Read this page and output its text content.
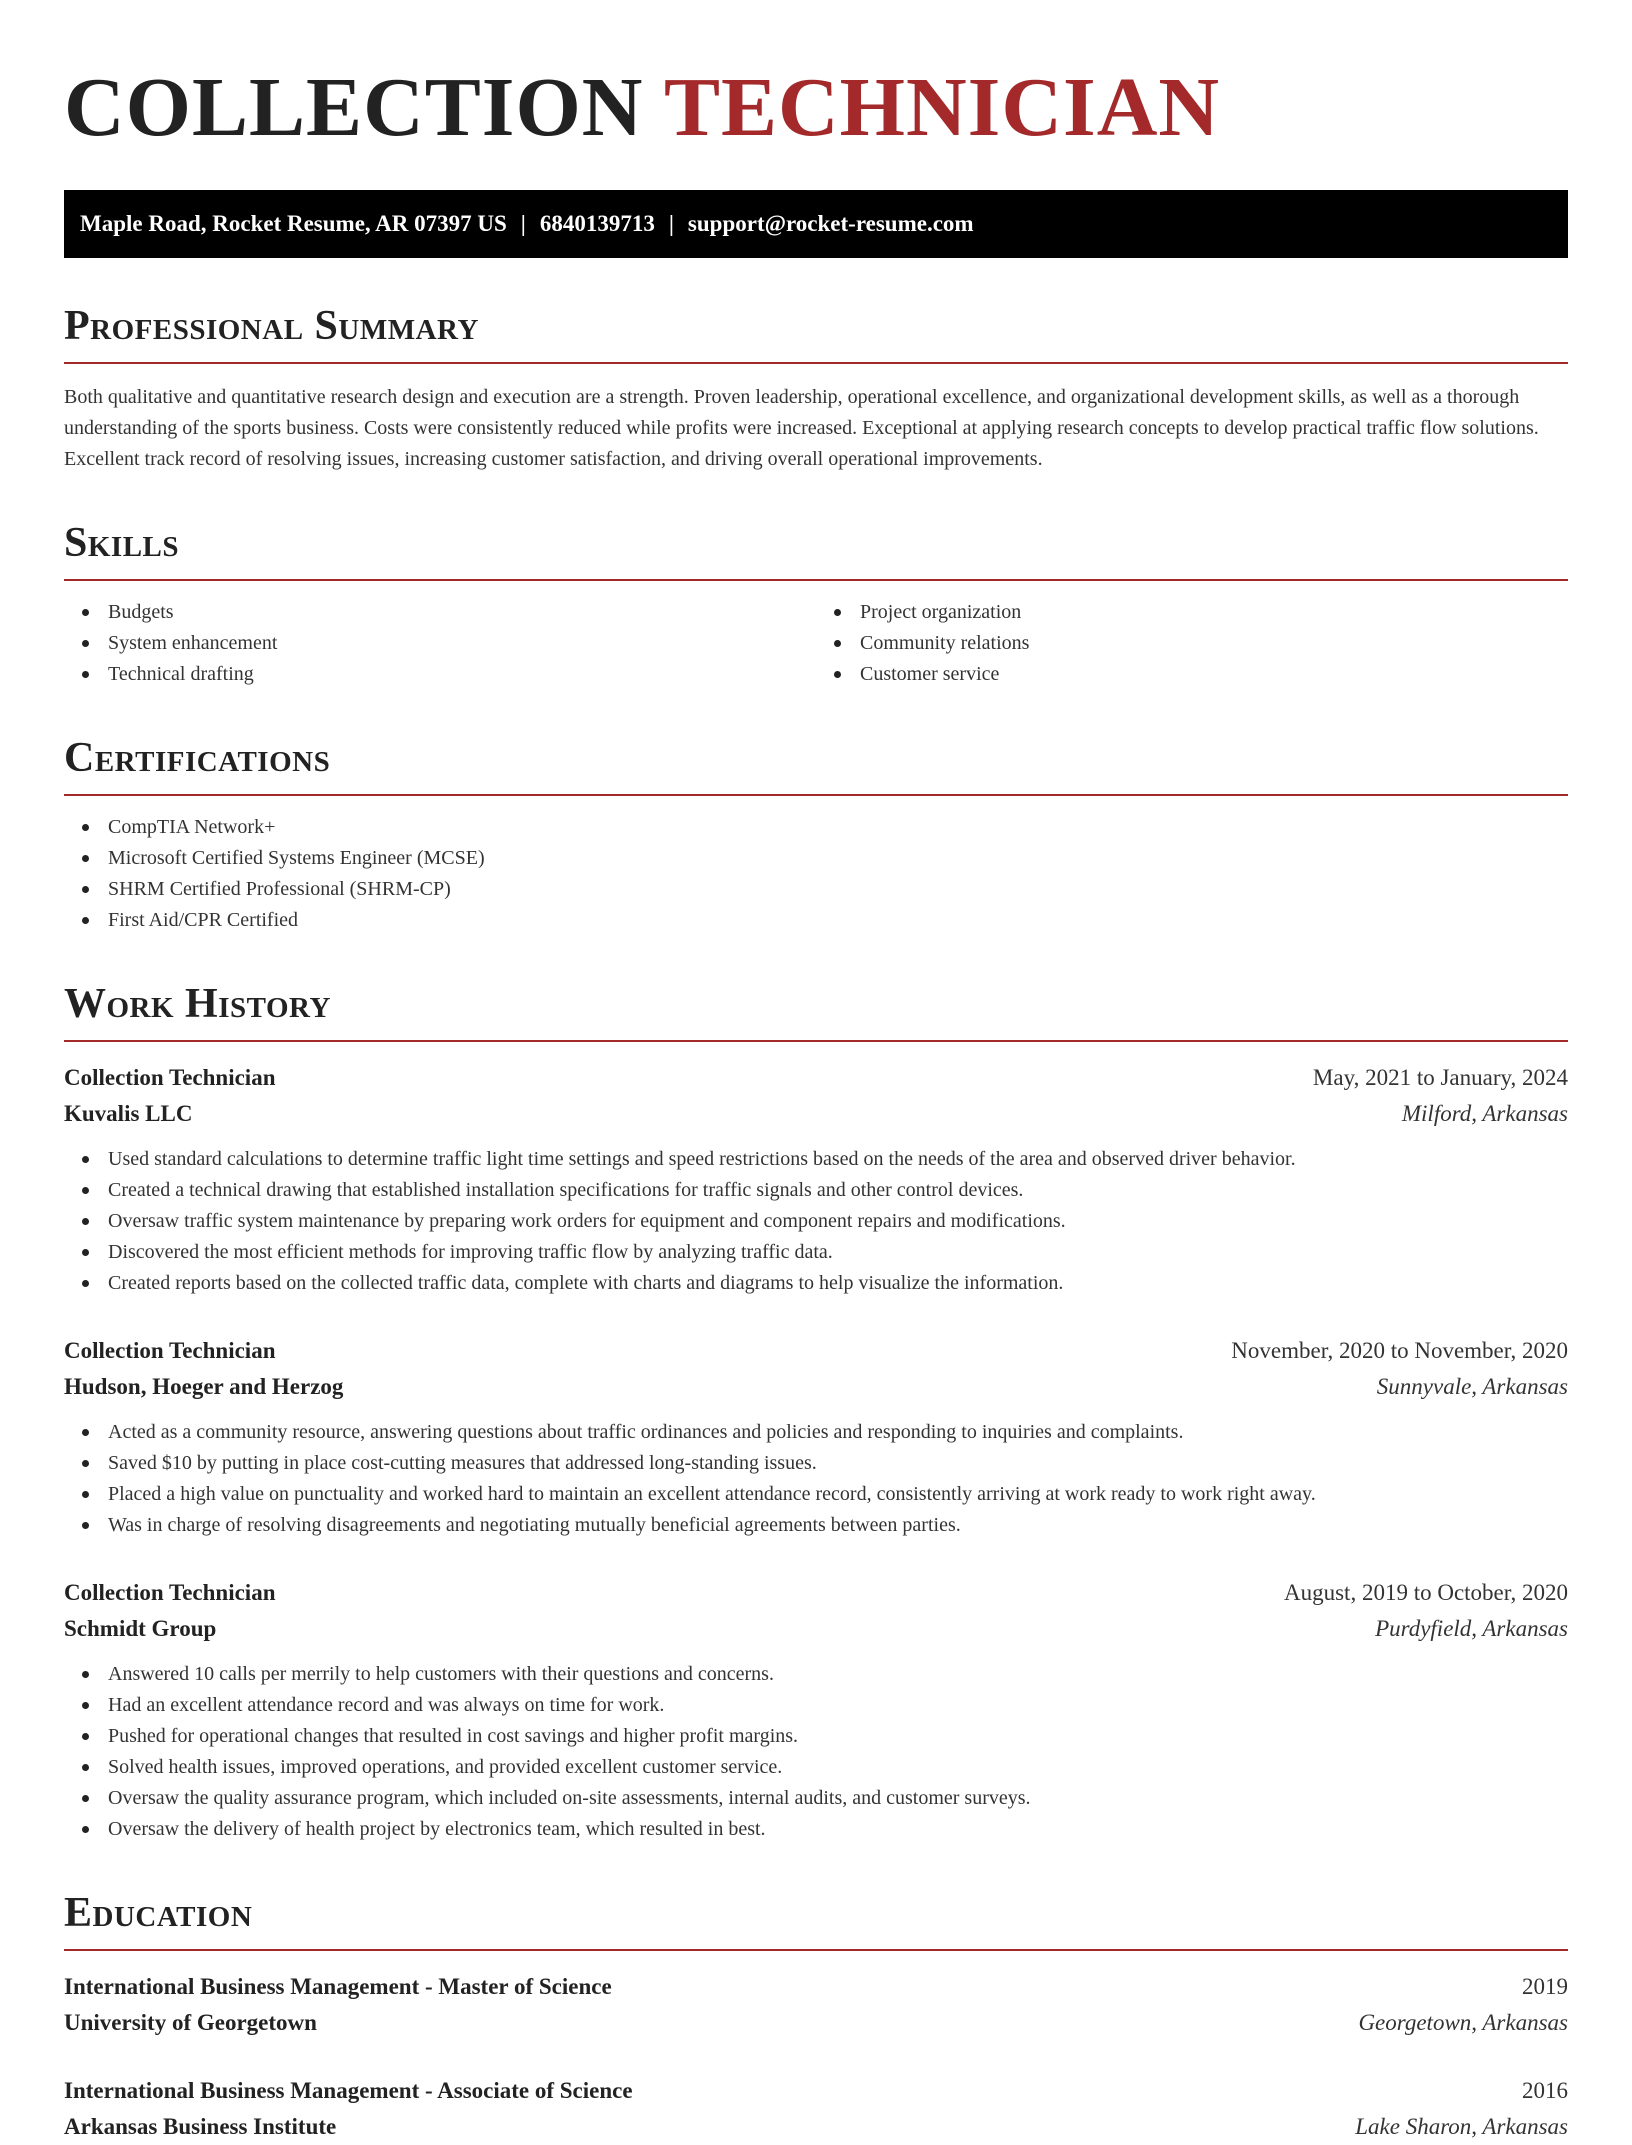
COLLECTION TECHNICIAN
Maple Road, Rocket Resume, AR 07397 US | 6840139713 | support@rocket-resume.com
Professional Summary

Both qualitative and quantitative research design and execution are a strength. Proven leadership, operational excellence, and organizational development skills, as well as a thorough understanding of the sports business. Costs were consistently reduced while profits were increased. Exceptional at applying research concepts to develop practical traffic flow solutions. Excellent track record of resolving issues, increasing customer satisfaction, and driving overall operational improvements.

Skills
Budgets
System enhancement
Technical drafting
Project organization
Community relations
Customer service
Certifications
CompTIA Network+
Microsoft Certified Systems Engineer (MCSE)
SHRM Certified Professional (SHRM-CP)
First Aid/CPR Certified
Work History
Collection Technician	May, 2021 to January, 2024
Kuvalis LLC	Milford, Arkansas
Used standard calculations to determine traffic light time settings and speed restrictions based on the needs of the area and observed driver behavior.
Created a technical drawing that established installation specifications for traffic signals and other control devices.
Oversaw traffic system maintenance by preparing work orders for equipment and component repairs and modifications.
Discovered the most efficient methods for improving traffic flow by analyzing traffic data.
Created reports based on the collected traffic data, complete with charts and diagrams to help visualize the information.
Collection Technician	November, 2020 to November, 2020
Hudson, Hoeger and Herzog	Sunnyvale, Arkansas
Acted as a community resource, answering questions about traffic ordinances and policies and responding to inquiries and complaints.
Saved $10 by putting in place cost-cutting measures that addressed long-standing issues.
Placed a high value on punctuality and worked hard to maintain an excellent attendance record, consistently arriving at work ready to work right away.
Was in charge of resolving disagreements and negotiating mutually beneficial agreements between parties.
Collection Technician	August, 2019 to October, 2020
Schmidt Group	Purdyfield, Arkansas
Answered 10 calls per merrily to help customers with their questions and concerns.
Had an excellent attendance record and was always on time for work.
Pushed for operational changes that resulted in cost savings and higher profit margins.
Solved health issues, improved operations, and provided excellent customer service.
Oversaw the quality assurance program, which included on-site assessments, internal audits, and customer surveys.
Oversaw the delivery of health project by electronics team, which resulted in best.
Education
International Business Management - Master of Science	2019
University of Georgetown	Georgetown, Arkansas
International Business Management - Associate of Science	2016
Arkansas Business Institute	Lake Sharon, Arkansas
